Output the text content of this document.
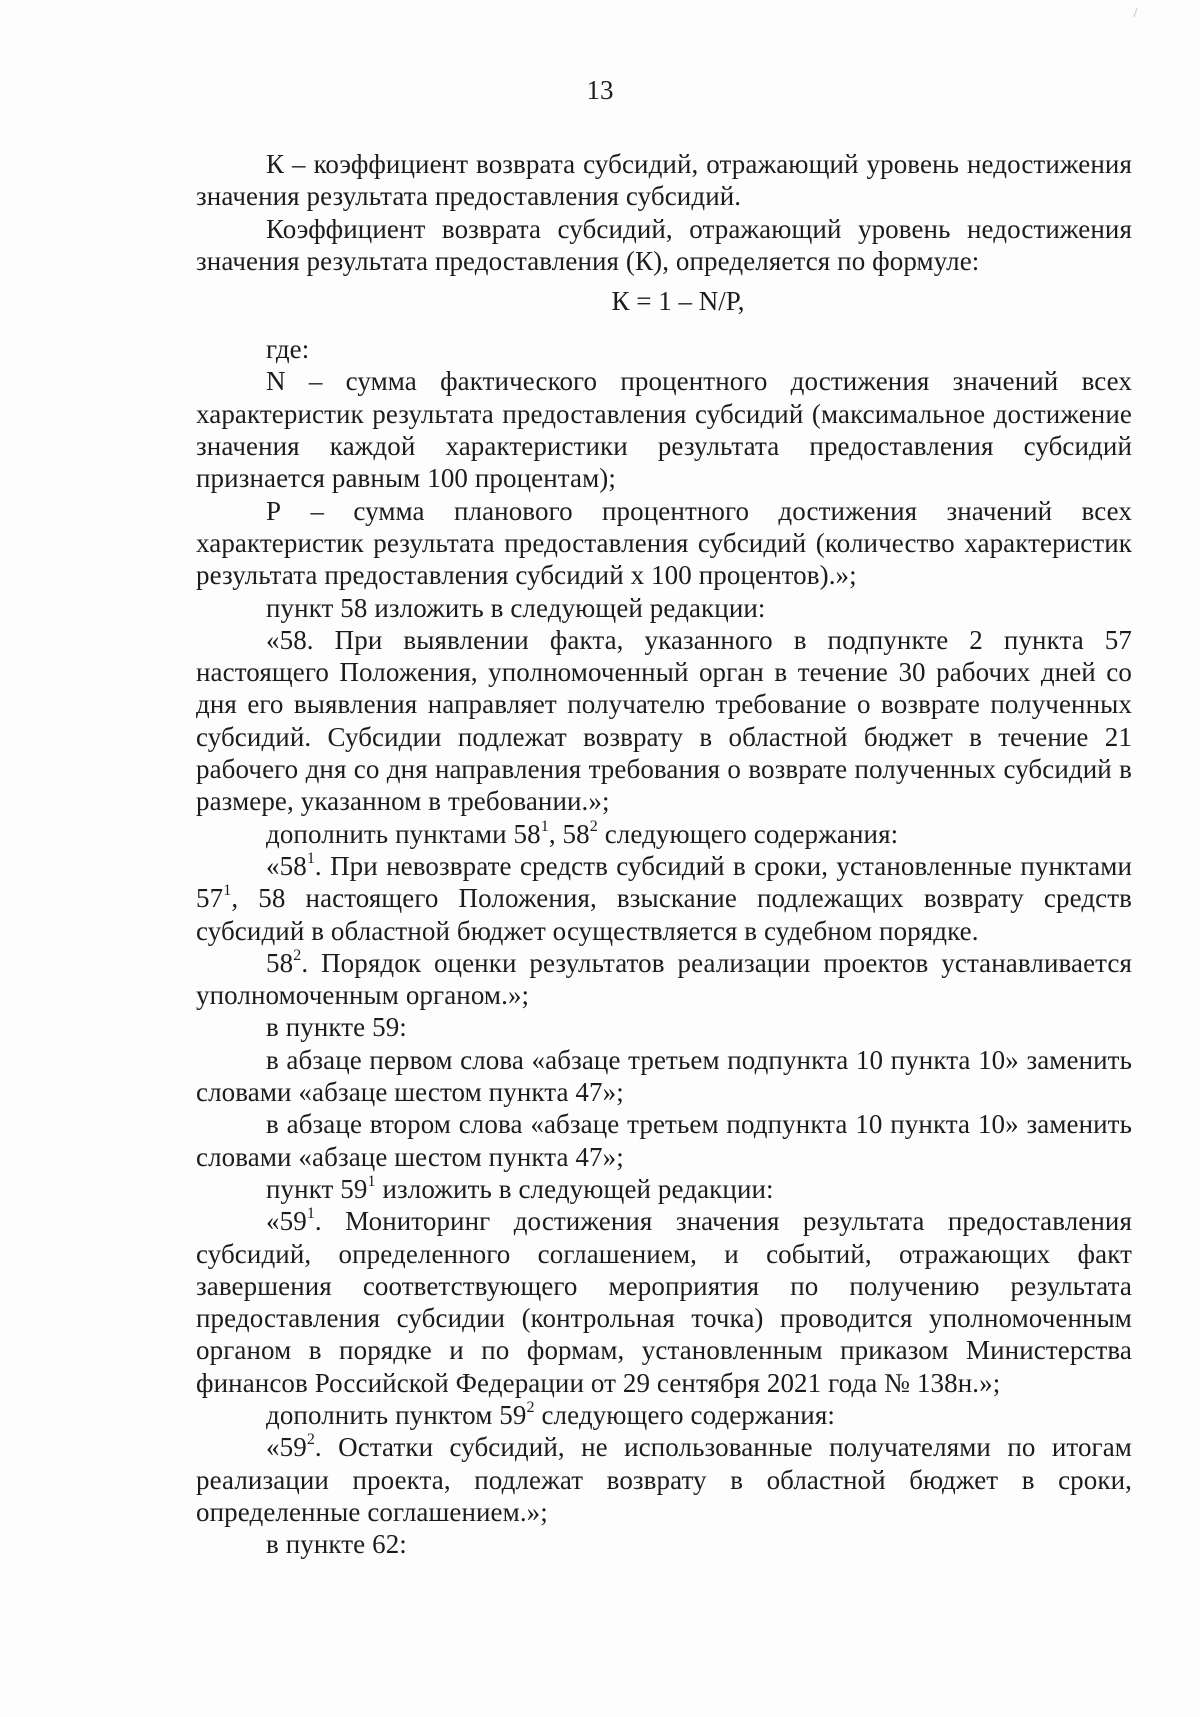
13

К – коэффициент возврата субсидий, отражающий уровень недостижения значения результата предоставления субсидий.

Коэффициент возврата субсидий, отражающий уровень недостижения значения результата предоставления (К), определяется по формуле:

К = 1 – N/P,

где:

N – сумма фактического процентного достижения значений всех характеристик результата предоставления субсидий (максимальное достижение значения каждой характеристики результата предоставления субсидий признается равным 100 процентам);

Р – сумма планового процентного достижения значений всех характеристик результата предоставления субсидий (количество характеристик результата предоставления субсидий х 100 процентов).»;

пункт 58 изложить в следующей редакции:

«58. При выявлении факта, указанного в подпункте 2 пункта 57 настоящего Положения, уполномоченный орган в течение 30 рабочих дней со дня его выявления направляет получателю требование о возврате полученных субсидий. Субсидии подлежат возврату в областной бюджет в течение 21 рабочего дня со дня направления требования о возврате полученных субсидий в размере, указанном в требовании.»;

дополнить пунктами $58^1$, $58^2$ следующего содержания:

«$58^1$. При невозврате средств субсидий в сроки, установленные пунктами $57^1$, 58 настоящего Положения, взыскание подлежащих возврату средств субсидий в областной бюджет осуществляется в судебном порядке.

$58^2$. Порядок оценки результатов реализации проектов устанавливается уполномоченным органом.»;

в пункте 59:

в абзаце первом слова «абзаце третьем подпункта 10 пункта 10» заменить словами «абзаце шестом пункта 47»;

в абзаце втором слова «абзаце третьем подпункта 10 пункта 10» заменить словами «абзаце шестом пункта 47»;

пункт $59^1$ изложить в следующей редакции:

«$59^1$. Мониторинг достижения значения результата предоставления субсидий, определенного соглашением, и событий, отражающих факт завершения соответствующего мероприятия по получению результата предоставления субсидии (контрольная точка) проводится уполномоченным органом в порядке и по формам, установленным приказом Министерства финансов Российской Федерации от 29 сентября 2021 года № 138н.»;

дополнить пунктом $59^2$ следующего содержания:

«$59^2$. Остатки субсидий, не использованные получателями по итогам реализации проекта, подлежат возврату в областной бюджет в сроки, определенные соглашением.»;

в пункте 62:
